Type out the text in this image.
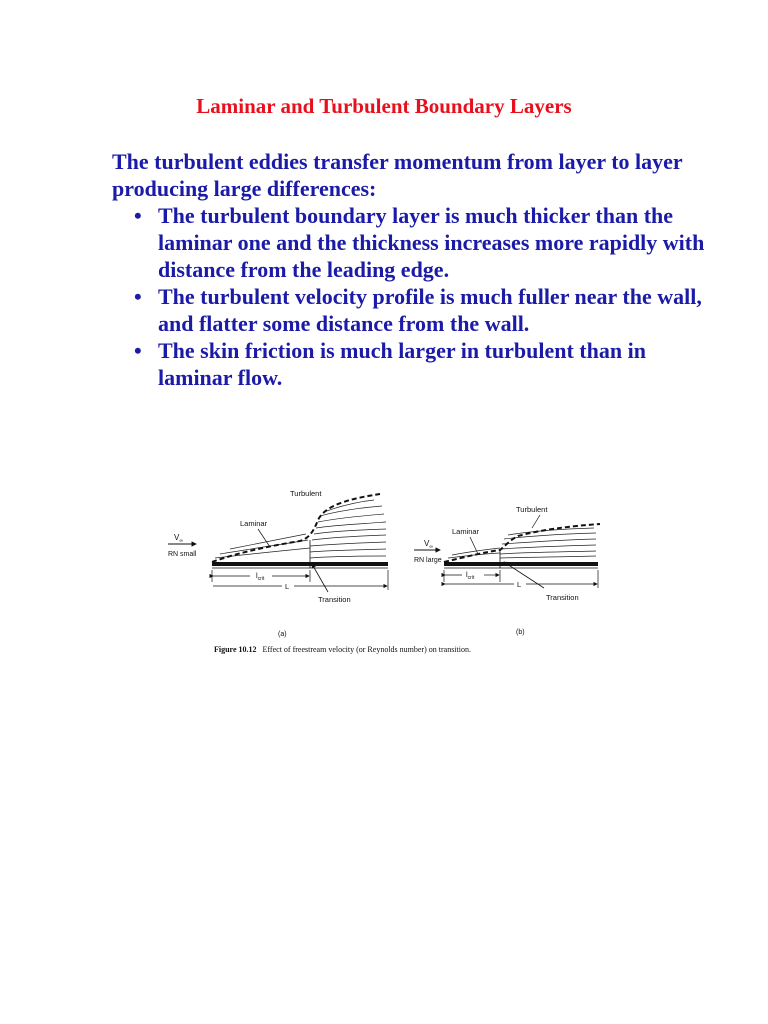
Laminar and Turbulent Boundary Layers

The turbulent eddies transfer momentum from layer to layer producing large differences:

• The turbulent boundary layer is much thicker than the laminar one and the thickness increases more rapidly with distance from the leading edge.
• The turbulent velocity profile is much fuller near the wall, and flatter some distance from the wall.
• The skin friction is much larger in turbulent than in laminar flow.
$V_\infty$
RN small
Turbulent
Laminar
$l_{crit}$
L
Transition
(a)
$V_\infty$
RN large
Turbulent
Laminar
$l_{crit}$
L
Transition
(b)
Figure 10.12 Effect of freestream velocity (or Reynolds number) on transition.
